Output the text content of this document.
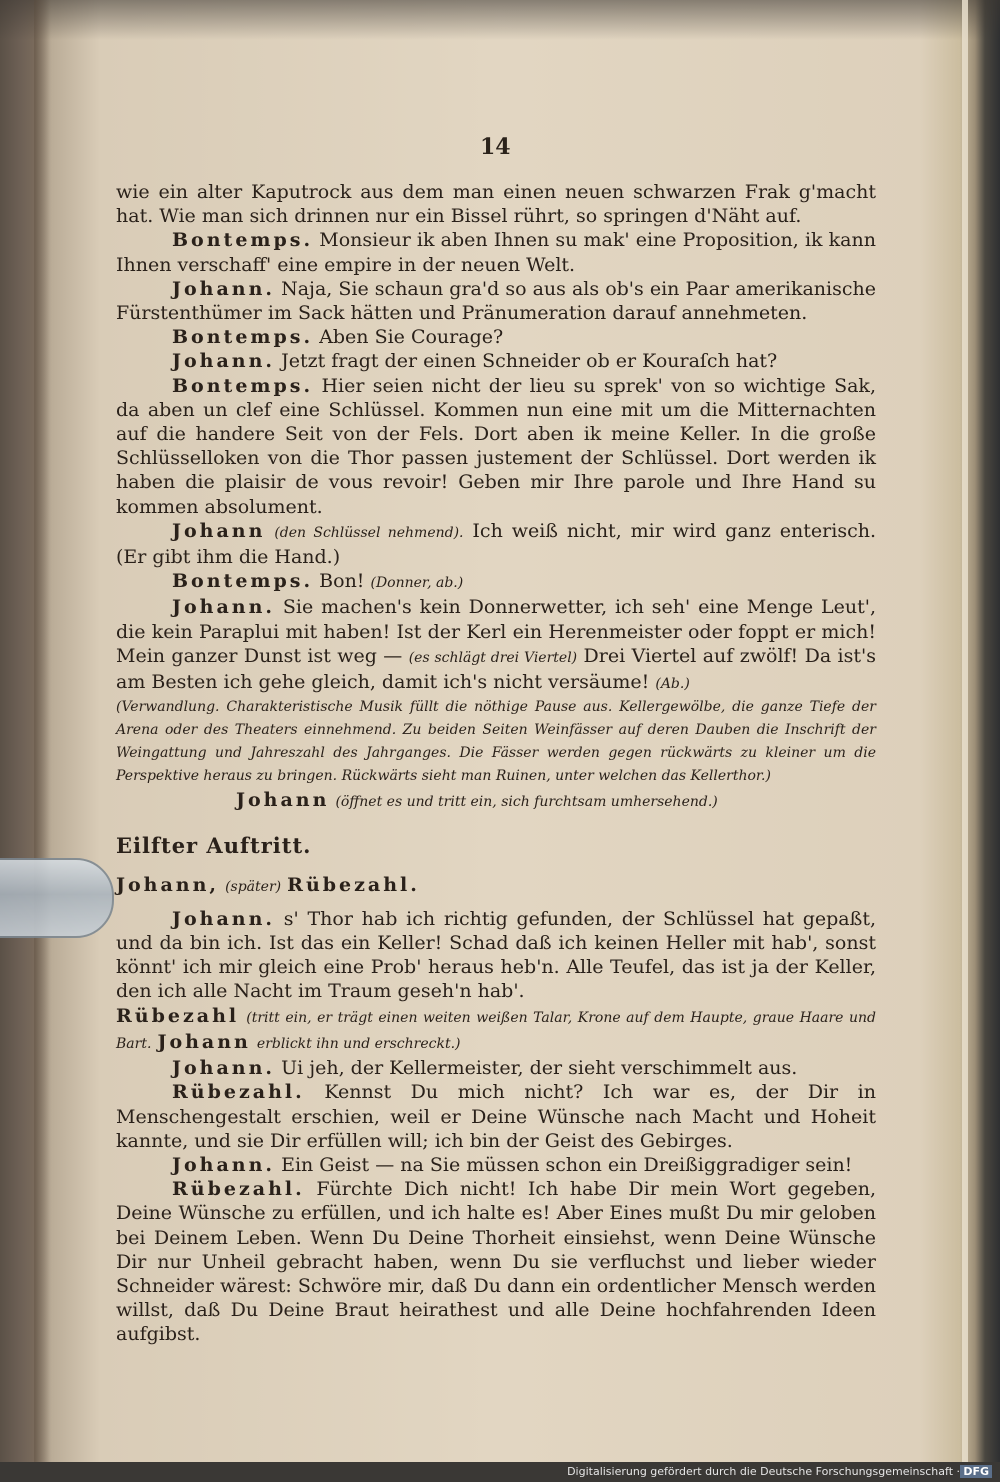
14

wie ein alter Kaputrock aus dem man einen neuen schwarzen Frak g'macht hat. Wie man sich drinnen nur ein Bissel rührt, so springen d'Näht auf.

Bontemps. Monsieur ik aben Ihnen su mak' eine Proposition, ik kann Ihnen verschaff' eine empire in der neuen Welt.

Johann. Naja, Sie schaun gra'd so aus als ob's ein Paar amerikanische Fürstenthümer im Sack hätten und Pränumeration darauf annehmeten.

Bontemps. Aben Sie Courage?

Johann. Jetzt fragt der einen Schneider ob er Kouraſch hat?

Bontemps. Hier seien nicht der lieu su sprek' von so wichtige Sak, da aben un clef eine Schlüssel. Kommen nun eine mit um die Mitternachten auf die handere Seit von der Fels. Dort aben ik meine Keller. In die große Schlüsselloken von die Thor passen justement der Schlüssel. Dort werden ik haben die plaisir de vous revoir! Geben mir Ihre parole und Ihre Hand su kommen absolument.

Johann (den Schlüssel nehmend). Ich weiß nicht, mir wird ganz enterisch. (Er gibt ihm die Hand.)

Bontemps. Bon! (Donner, ab.)

Johann. Sie machen's kein Donnerwetter, ich seh' eine Menge Leut', die kein Paraplui mit haben! Ist der Kerl ein Herenmeister oder foppt er mich! Mein ganzer Dunst ist weg — (es schlägt drei Viertel) Drei Viertel auf zwölf! Da ist's am Besten ich gehe gleich, damit ich's nicht versäume! (Ab.)

(Verwandlung. Charakteristische Musik füllt die nöthige Pause aus. Kellergewölbe, die ganze Tiefe der Arena oder des Theaters einnehmend. Zu beiden Seiten Weinfässer auf deren Dauben die Inschrift der Weingattung und Jahreszahl des Jahrganges. Die Fässer werden gegen rückwärts zu kleiner um die Perspektive heraus zu bringen. Rückwärts sieht man Ruinen, unter welchen das Kellerthor.)

Johann (öffnet es und tritt ein, sich furchtsam umhersehend.)

Eilfter Auftritt.

Johann, (später) Rübezahl.

Johann. s' Thor hab ich richtig gefunden, der Schlüssel hat gepaßt, und da bin ich. Ist das ein Keller! Schad daß ich keinen Heller mit hab', sonst könnt' ich mir gleich eine Prob' heraus heb'n. Alle Teufel, das ist ja der Keller, den ich alle Nacht im Traum geseh'n hab'.

Rübezahl (tritt ein, er trägt einen weiten weißen Talar, Krone auf dem Haupte, graue Haare und Bart. Johann erblickt ihn und erschreckt.)

Johann. Ui jeh, der Kellermeister, der sieht verschimmelt aus.

Rübezahl. Kennst Du mich nicht? Ich war es, der Dir in Menschengestalt erschien, weil er Deine Wünsche nach Macht und Hoheit kannte, und sie Dir erfüllen will; ich bin der Geist des Gebirges.

Johann. Ein Geist — na Sie müssen schon ein Dreißiggradiger sein!

Rübezahl. Fürchte Dich nicht! Ich habe Dir mein Wort gegeben, Deine Wünsche zu erfüllen, und ich halte es! Aber Eines mußt Du mir geloben bei Deinem Leben. Wenn Du Deine Thorheit einsiehst, wenn Deine Wünsche Dir nur Unheil gebracht haben, wenn Du sie verfluchst und lieber wieder Schneider wärest: Schwöre mir, daß Du dann ein ordentlicher Mensch werden willst, daß Du Deine Braut heirathest und alle Deine hochfahrenden Ideen aufgibst.

Digitalisierung gefördert durch die Deutsche Forschungsgemeinschaft · DFG
